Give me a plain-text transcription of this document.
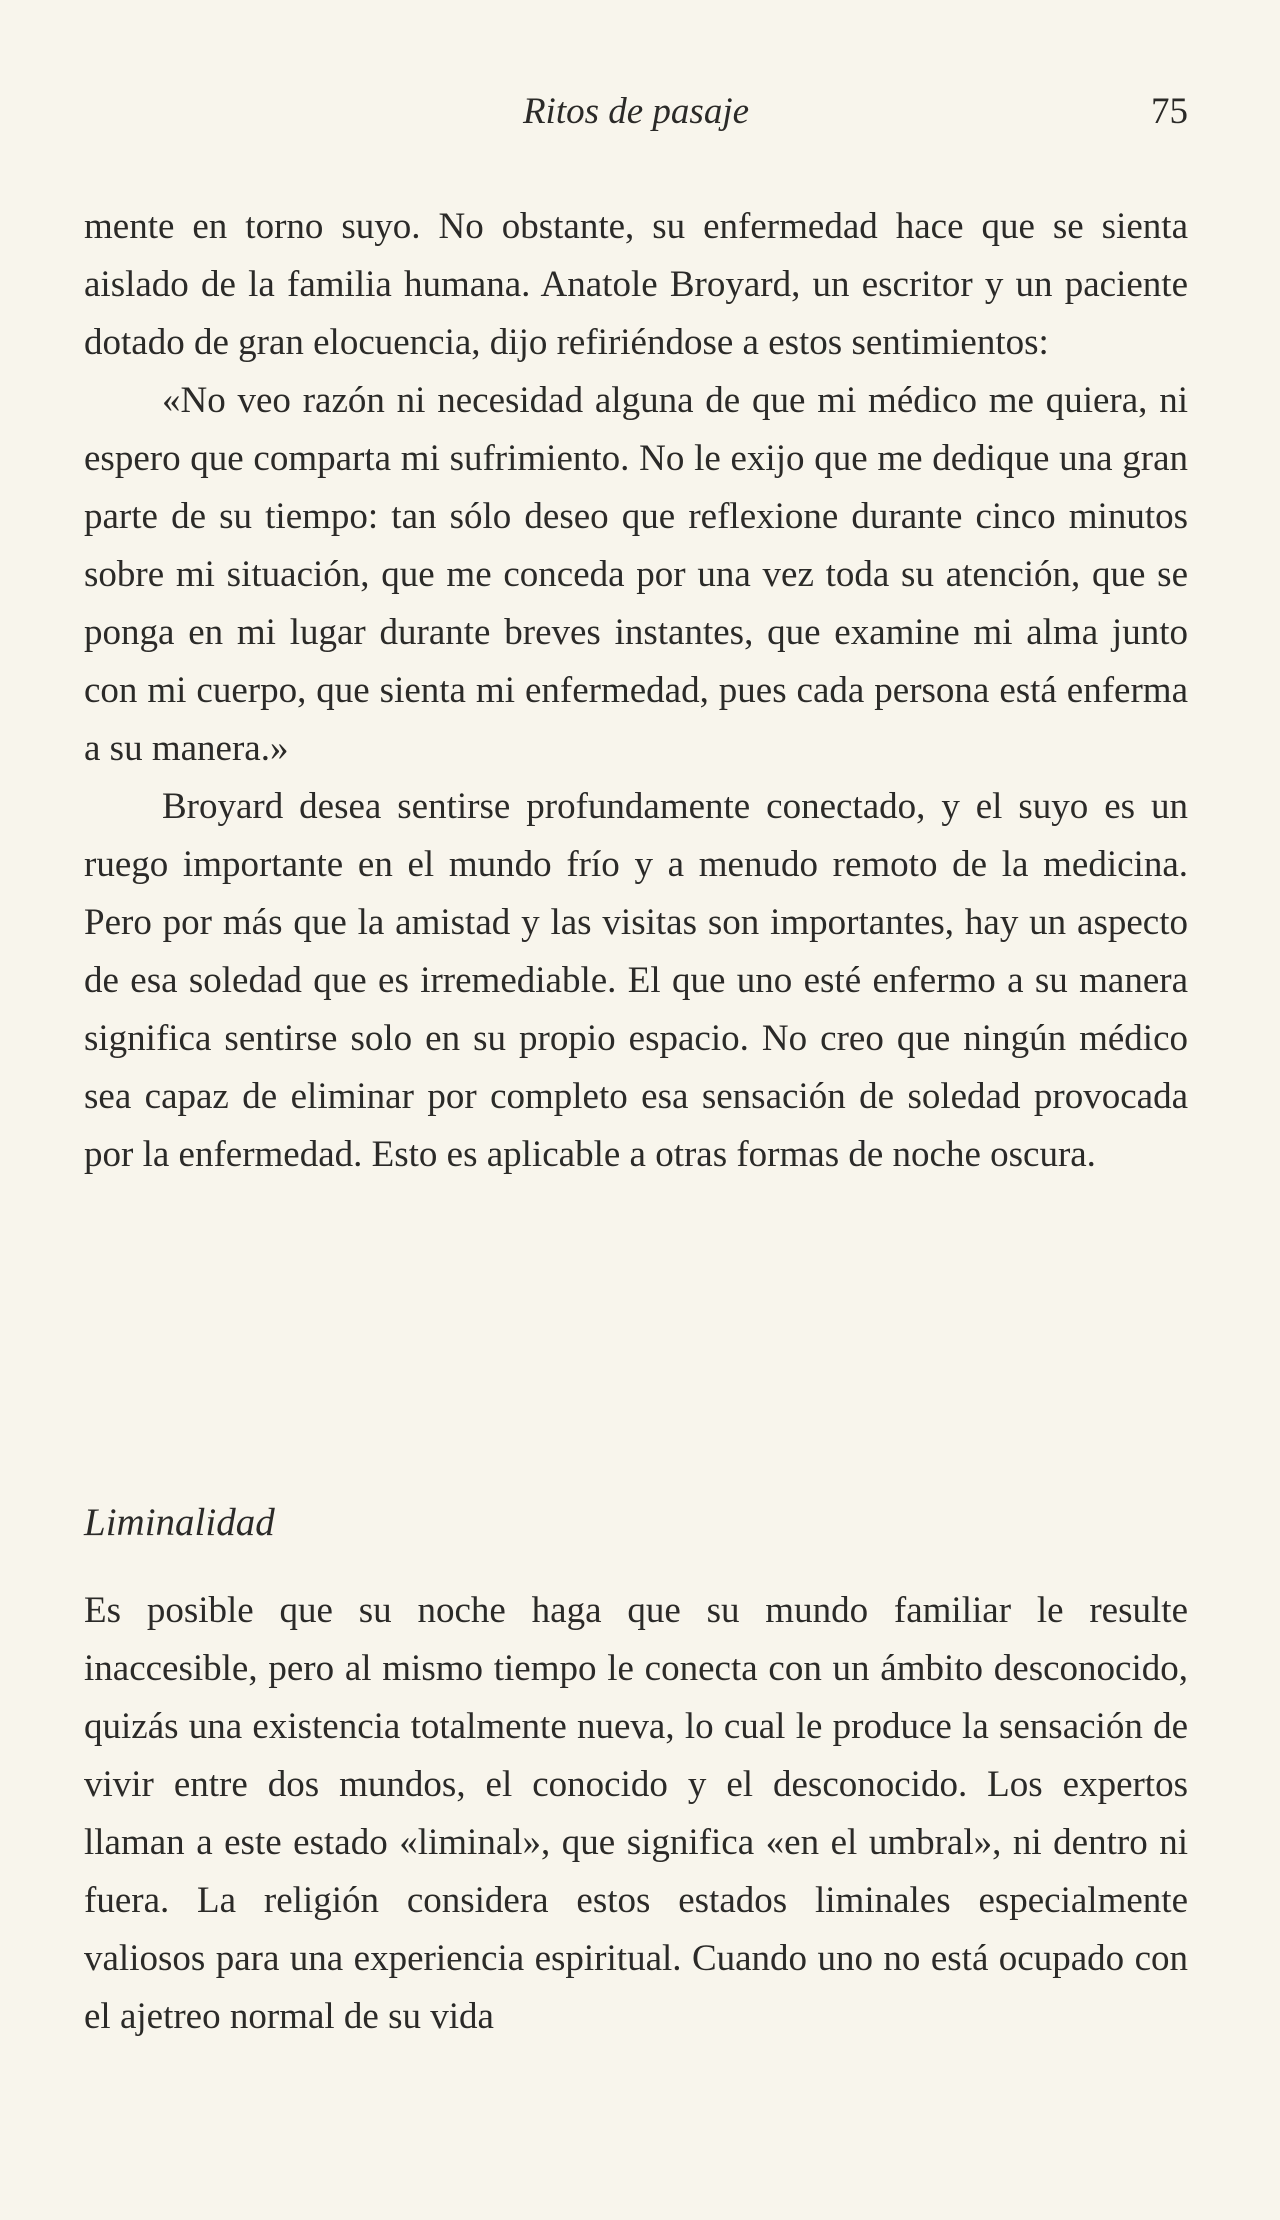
Ritos de pasaje	75

mente en torno suyo. No obstante, su enfermedad hace que se sienta aislado de la familia humana. Anatole Broyard, un escritor y un paciente dotado de gran elocuencia, dijo refiriéndose a estos sentimientos:

«No veo razón ni necesidad alguna de que mi médico me quiera, ni espero que comparta mi sufrimiento. No le exijo que me dedique una gran parte de su tiempo: tan sólo deseo que reflexione durante cinco minutos sobre mi situación, que me conceda por una vez toda su atención, que se ponga en mi lugar durante breves instantes, que examine mi alma junto con mi cuerpo, que sienta mi enfermedad, pues cada persona está enferma a su manera.»

Broyard desea sentirse profundamente conectado, y el suyo es un ruego importante en el mundo frío y a menudo remoto de la medicina. Pero por más que la amistad y las visitas son importantes, hay un aspecto de esa soledad que es irremediable. El que uno esté enfermo a su manera significa sentirse solo en su propio espacio. No creo que ningún médico sea capaz de eliminar por completo esa sensación de soledad provocada por la enfermedad. Esto es aplicable a otras formas de noche oscura.

Liminalidad

Es posible que su noche haga que su mundo familiar le resulte inaccesible, pero al mismo tiempo le conecta con un ámbito desconocido, quizás una existencia totalmente nueva, lo cual le produce la sensación de vivir entre dos mundos, el conocido y el desconocido. Los expertos llaman a este estado «liminal», que significa «en el umbral», ni dentro ni fuera. La religión considera estos estados liminales especialmente valiosos para una experiencia espiritual. Cuando uno no está ocupado con el ajetreo normal de su vida
